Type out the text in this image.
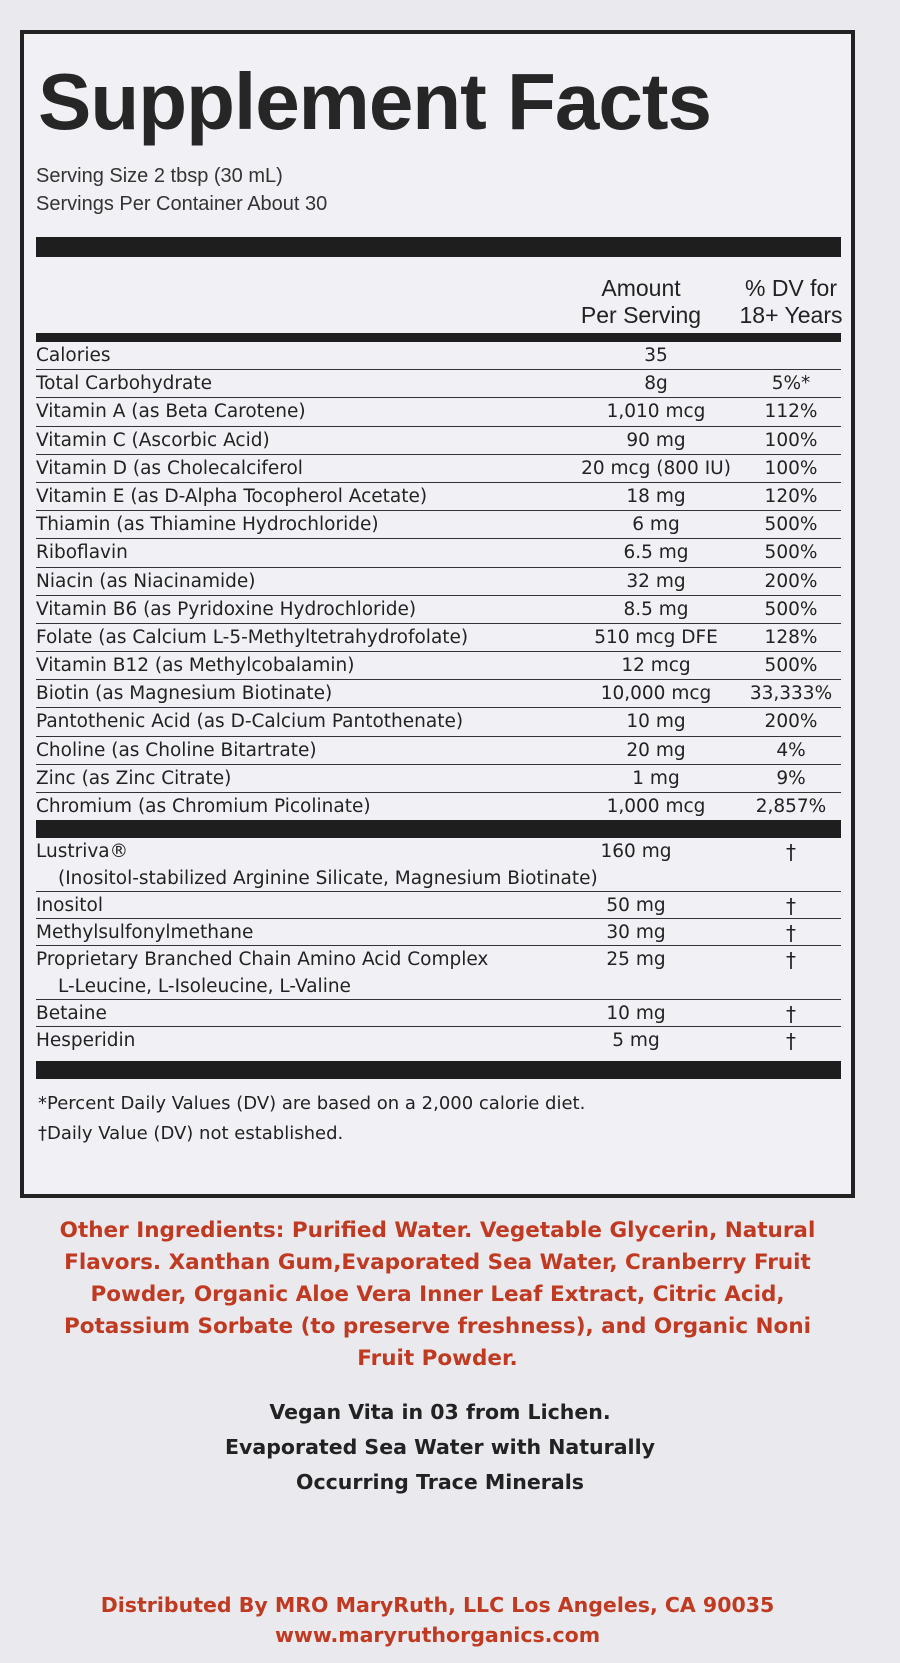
Supplement Facts
Serving Size 2 tbsp (30 mL)
Servings Per Container About 30
Amount
Per Serving
% DV for
18+ Years
Calories	35
Total Carbohydrate	8g	5%*
Vitamin A (as Beta Carotene)	1,010 mcg	112%
Vitamin C (Ascorbic Acid)	90 mg	100%
Vitamin D (as Cholecalciferol	20 mcg (800 IU)	100%
Vitamin E (as D-Alpha Tocopherol Acetate)	18 mg	120%
Thiamin (as Thiamine Hydrochloride)	6 mg	500%
Riboflavin	6.5 mg	500%
Niacin (as Niacinamide)	32 mg	200%
Vitamin B6 (as Pyridoxine Hydrochloride)	8.5 mg	500%
Folate (as Calcium L-5-Methyltetrahydrofolate)	510 mcg DFE	128%
Vitamin B12 (as Methylcobalamin)	12 mcg	500%
Biotin (as Magnesium Biotinate)	10,000 mcg	33,333%
Pantothenic Acid (as D-Calcium Pantothenate)	10 mg	200%
Choline (as Choline Bitartrate)	20 mg	4%
Zinc (as Zinc Citrate)	1 mg	9%
Chromium (as Chromium Picolinate)	1,000 mcg	2,857%
Lustriva®	160 mg	†
(Inositol-stabilized Arginine Silicate, Magnesium Biotinate)
Inositol	50 mg	†
Methylsulfonylmethane	30 mg	†
Proprietary Branched Chain Amino Acid Complex	25 mg	†
L-Leucine, L-Isoleucine, L-Valine
Betaine	10 mg	†
Hesperidin	5 mg	†
*Percent Daily Values (DV) are based on a 2,000 calorie diet.
†Daily Value (DV) not established.
Other Ingredients: Purified Water. Vegetable Glycerin, Natural
Flavors. Xanthan Gum,Evaporated Sea Water, Cranberry Fruit
Powder, Organic Aloe Vera Inner Leaf Extract, Citric Acid,
Potassium Sorbate (to preserve freshness), and Organic Noni
Fruit Powder.
Vegan Vita in 03 from Lichen.
Evaporated Sea Water with Naturally
Occurring Trace Minerals
Distributed By MRO MaryRuth, LLC Los Angeles, CA 90035
www.maryruthorganics.com
